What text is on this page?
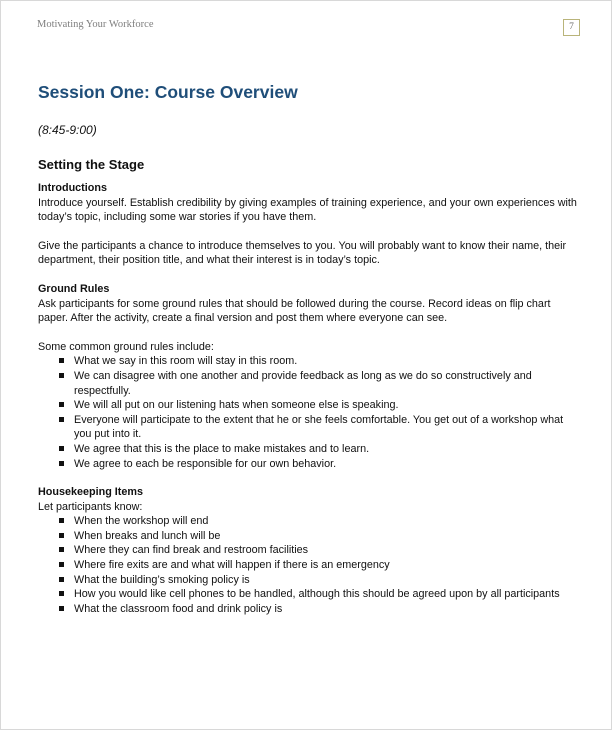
Motivating Your Workforce	7
Session One: Course Overview
(8:45-9:00)
Setting the Stage
Introductions

Introduce yourself. Establish credibility by giving examples of training experience, and your own experiences with today’s topic, including some war stories if you have them.

Give the participants a chance to introduce themselves to you. You will probably want to know their name, their department, their position title, and what their interest is in today’s topic.

Ground Rules

Ask participants for some ground rules that should be followed during the course. Record ideas on flip chart paper. After the activity, create a final version and post them where everyone can see.

Some common ground rules include:

What we say in this room will stay in this room.
We can disagree with one another and provide feedback as long as we do so constructively and respectfully.
We will all put on our listening hats when someone else is speaking.
Everyone will participate to the extent that he or she feels comfortable. You get out of a workshop what you put into it.
We agree that this is the place to make mistakes and to learn.
We agree to each be responsible for our own behavior.
Housekeeping Items

Let participants know:

When the workshop will end
When breaks and lunch will be
Where they can find break and restroom facilities
Where fire exits are and what will happen if there is an emergency
What the building’s smoking policy is
How you would like cell phones to be handled, although this should be agreed upon by all participants
What the classroom food and drink policy is
